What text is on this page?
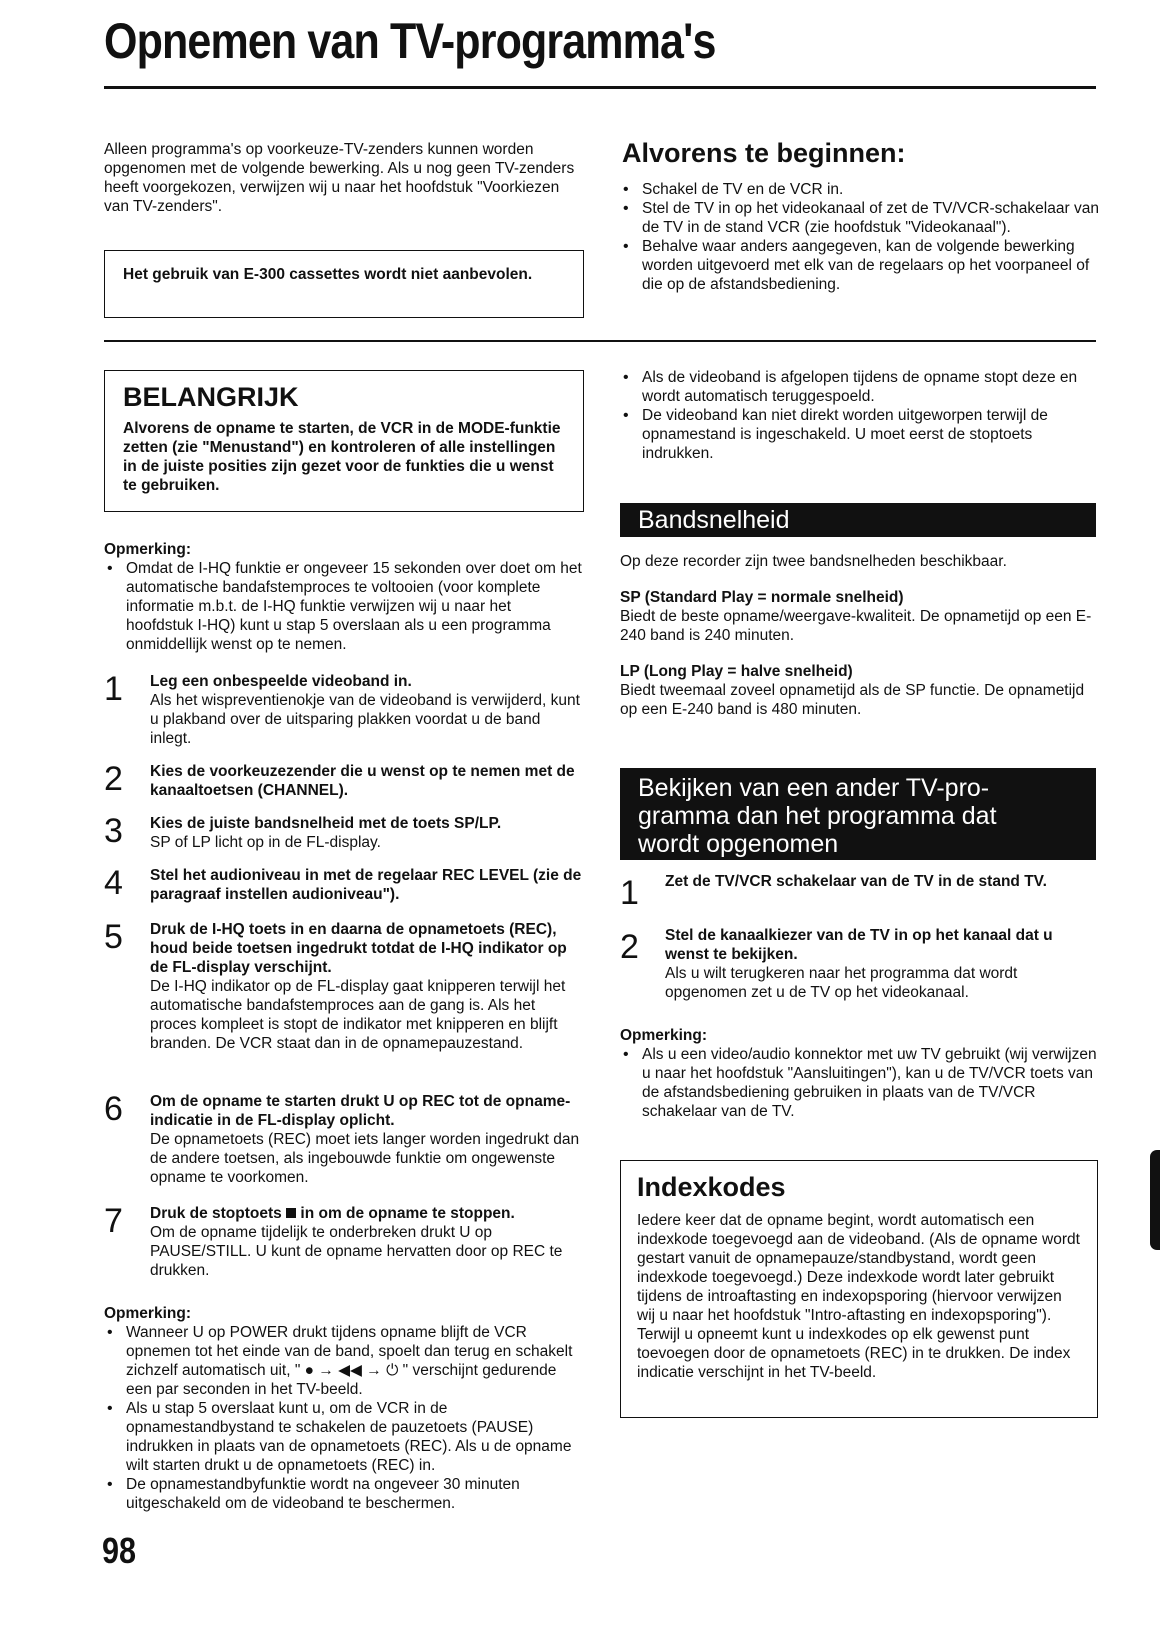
Opnemen van TV-programma's
Alleen programma's op voorkeuze-TV-zenders kunnen worden opgenomen met de volgende bewerking. Als u nog geen TV-zenders heeft voorgekozen, verwijzen wij u naar het hoofdstuk "Voorkiezen van TV-zenders".
Het gebruik van E-300 cassettes wordt niet aanbevolen.
Alvorens te beginnen:
• Schakel de TV en de VCR in.
• Stel de TV in op het videokanaal of zet de TV/VCR-schakelaar van de TV in de stand VCR (zie hoofdstuk "Videokanaal").
• Behalve waar anders aangegeven, kan de volgende bewerking worden uitgevoerd met elk van de regelaars op het voorpaneel of die op de afstandsbediening.
BELANGRIJK
Alvorens de opname te starten, de VCR in de MODE-funktie zetten (zie "Menustand") en kontroleren of alle instellingen in de juiste posities zijn gezet voor de funkties die u wenst te gebruiken.
Opmerking:
• Omdat de I-HQ funktie er ongeveer 15 sekonden over doet om het automatische bandafstemproces te voltooien (voor komplete informatie m.b.t. de I-HQ funktie verwijzen wij u naar het hoofdstuk I-HQ) kunt u stap 5 overslaan als u een programma onmiddellijk wenst op te nemen.
1 Leg een onbespeelde videoband in.
Als het wispreventienokje van de videoband is verwijderd, kunt u plakband over de uitsparing plakken voordat u de band inlegt.
2 Kies de voorkeuzezender die u wenst op te nemen met de kanaaltoetsen (CHANNEL).
3 Kies de juiste bandsnelheid met de toets SP/LP.
SP of LP licht op in de FL-display.
4 Stel het audioniveau in met de regelaar REC LEVEL (zie de paragraaf instellen audioniveau").
5 Druk de I-HQ toets in en daarna de opnametoets (REC), houd beide toetsen ingedrukt totdat de I-HQ indikator op de FL-display verschijnt.
De I-HQ indikator op de FL-display gaat knipperen terwijl het automatische bandafstemproces aan de gang is. Als het proces kompleet is stopt de indikator met knipperen en blijft branden. De VCR staat dan in de opnamepauzestand.
6 Om de opname te starten drukt U op REC tot de opname-indicatie in de FL-display oplicht.
De opnametoets (REC) moet iets langer worden ingedrukt dan de andere toetsen, als ingebouwde funktie om ongewenste opname te voorkomen.
7 Druk de stoptoets in om de opname te stoppen.
Om de opname tijdelijk te onderbreken drukt U op PAUSE/STILL. U kunt de opname hervatten door op REC te drukken.
Opmerking:
• Wanneer U op POWER drukt tijdens opname blijft de VCR opnemen tot het einde van de band, spoelt dan terug en schakelt zichzelf automatisch uit, " ● → ◀◀ → ⏻ " verschijnt gedurende een par seconden in het TV-beeld.
• Als u stap 5 overslaat kunt u, om de VCR in de opnamestandbystand te schakelen de pauzetoets (PAUSE) indrukken in plaats van de opnametoets (REC). Als u de opname wilt starten drukt u de opnametoets (REC) in.
• De opnamestandbyfunktie wordt na ongeveer 30 minuten uitgeschakeld om de videoband te beschermen.
98
• Als de videoband is afgelopen tijdens de opname stopt deze en wordt automatisch teruggespoeld.
• De videoband kan niet direkt worden uitgeworpen terwijl de opnamestand is ingeschakeld. U moet eerst de stoptoets indrukken.
Bandsnelheid
Op deze recorder zijn twee bandsnelheden beschikbaar.
SP (Standard Play = normale snelheid)
Biedt de beste opname/weergave-kwaliteit. De opnametijd op een E-240 band is 240 minuten.
LP (Long Play = halve snelheid)
Biedt tweemaal zoveel opnametijd als de SP functie. De opnametijd op een E-240 band is 480 minuten.
Bekijken van een ander TV-pro-
gramma dan het programma dat
wordt opgenomen
1 Zet de TV/VCR schakelaar van de TV in de stand TV.
2 Stel de kanaalkiezer van de TV in op het kanaal dat u wenst te bekijken.
Als u wilt terugkeren naar het programma dat wordt opgenomen zet u de TV op het videokanaal.
Opmerking:
• Als u een video/audio konnektor met uw TV gebruikt (wij verwijzen u naar het hoofdstuk "Aansluitingen"), kan u de TV/VCR toets van de afstandsbediening gebruiken in plaats van de TV/VCR schakelaar van de TV.
Indexkodes
Iedere keer dat de opname begint, wordt automatisch een indexkode toegevoegd aan de videoband. (Als de opname wordt gestart vanuit de opnamepauze/standbystand, wordt geen indexkode toegevoegd.) Deze indexkode wordt later gebruikt tijdens de introaftasting en indexopsporing (hiervoor verwijzen wij u naar het hoofdstuk "Intro-aftasting en indexopsporing"). Terwijl u opneemt kunt u indexkodes op elk gewenst punt toevoegen door de opnametoets (REC) in te drukken. De index indicatie verschijnt in het TV-beeld.
